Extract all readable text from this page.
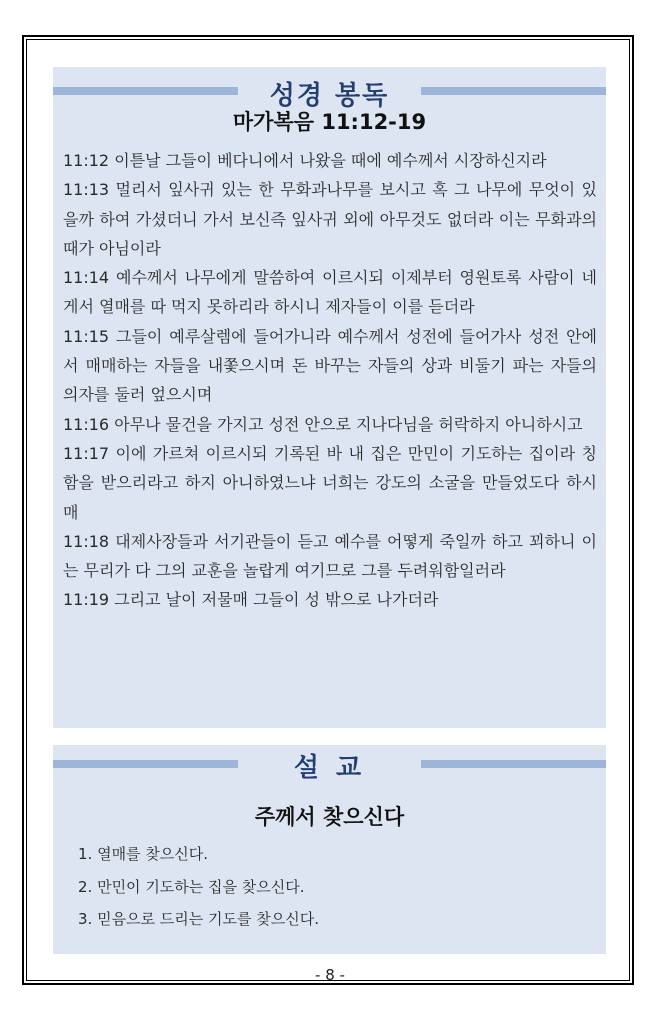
성경 봉독
마가복음 11:12-19

11:12 이튿날 그들이 베다니에서 나왔을 때에 예수께서 시장하신지라

11:13 멀리서 잎사귀 있는 한 무화과나무를 보시고 혹 그 나무에 무엇이 있을까 하여 가셨더니 가서 보신즉 잎사귀 외에 아무것도 없더라 이는 무화과의 때가 아님이라

11:14 예수께서 나무에게 말씀하여 이르시되 이제부터 영원토록 사람이 네게서 열매를 따 먹지 못하리라 하시니 제자들이 이를 듣더라

11:15 그들이 예루살렘에 들어가니라 예수께서 성전에 들어가사 성전 안에서 매매하는 자들을 내쫓으시며 돈 바꾸는 자들의 상과 비둘기 파는 자들의 의자를 둘러 엎으시며

11:16 아무나 물건을 가지고 성전 안으로 지나다님을 허락하지 아니하시고

11:17 이에 가르쳐 이르시되 기록된 바 내 집은 만민이 기도하는 집이라 칭함을 받으리라고 하지 아니하였느냐 너희는 강도의 소굴을 만들었도다 하시매

11:18 대제사장들과 서기관들이 듣고 예수를 어떻게 죽일까 하고 꾀하니 이는 무리가 다 그의 교훈을 놀랍게 여기므로 그를 두려워함일러라

11:19 그리고 날이 저물매 그들이 성 밖으로 나가더라

설 교
주께서 찾으신다
1. 열매를 찾으신다.
2. 만민이 기도하는 집을 찾으신다.
3. 믿음으로 드리는 기도를 찾으신다.
- 8 -
